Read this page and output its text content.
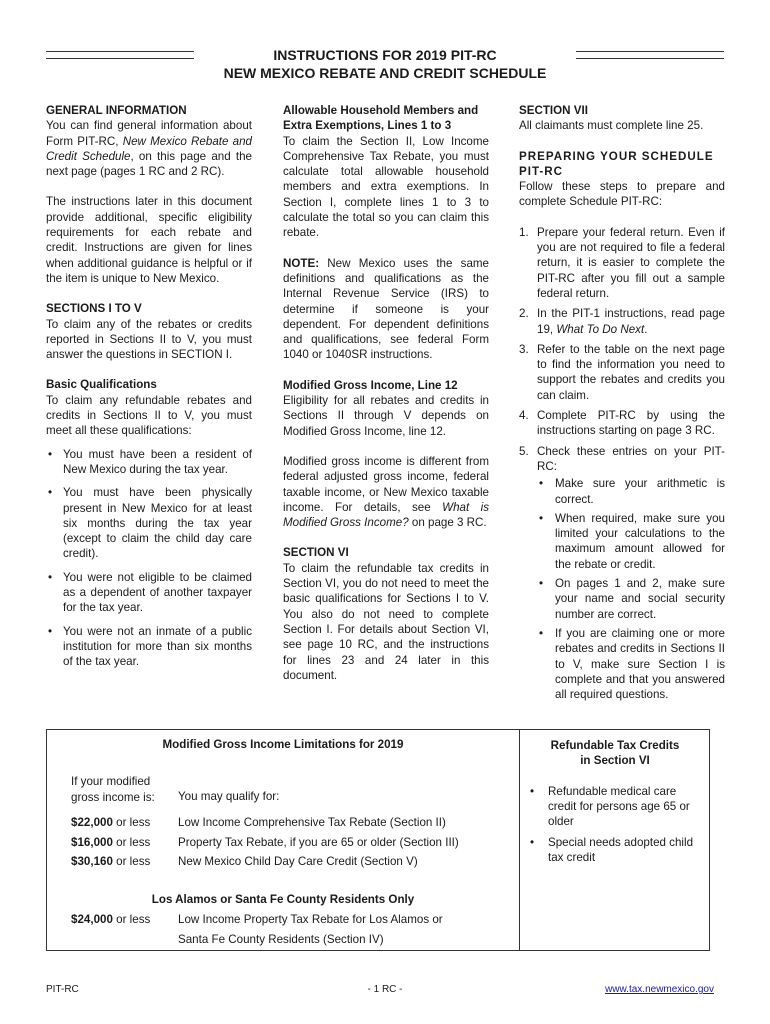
INSTRUCTIONS FOR 2019 PIT-RC
NEW MEXICO REBATE AND CREDIT SCHEDULE
GENERAL INFORMATION

You can find general information about Form PIT-RC, New Mexico Rebate and Credit Schedule, on this page and the next page (pages 1 RC and 2 RC).

The instructions later in this document provide additional, specific eligibility requirements for each rebate and credit. Instructions are given for lines when additional guidance is helpful or if the item is unique to New Mexico.

SECTIONS I TO V

To claim any of the rebates or credits reported in Sections II to V, you must answer the questions in SECTION I.

Basic Qualifications

To claim any refundable rebates and credits in Sections II to V, you must meet all these qualifications:

• You must have been a resident of New Mexico during the tax year.
• You must have been physically present in New Mexico for at least six months during the tax year (except to claim the child day care credit).
• You were not eligible to be claimed as a dependent of another taxpayer for the tax year.
• You were not an inmate of a public institution for more than six months of the tax year.
Allowable Household Members and Extra Exemptions, Lines 1 to 3

To claim the Section II, Low Income Comprehensive Tax Rebate, you must calculate total allowable household members and extra exemptions. In Section I, complete lines 1 to 3 to calculate the total so you can claim this rebate.

NOTE: New Mexico uses the same definitions and qualifications as the Internal Revenue Service (IRS) to determine if someone is your dependent. For dependent definitions and qualifications, see federal Form 1040 or 1040SR instructions.

Modified Gross Income, Line 12

Eligibility for all rebates and credits in Sections II through V depends on Modified Gross Income, line 12.

Modified gross income is different from federal adjusted gross income, federal taxable income, or New Mexico taxable income. For details, see What is Modified Gross Income? on page 3 RC.

SECTION VI

To claim the refundable tax credits in Section VI, you do not need to meet the basic qualifications for Sections I to V. You also do not need to complete Section I. For details about Section VI, see page 10 RC, and the instructions for lines 23 and 24 later in this document.

SECTION VII

All claimants must complete line 25.

PREPARING YOUR SCHEDULE PIT-RC

Follow these steps to prepare and complete Schedule PIT-RC:

1. Prepare your federal return. Even if you are not required to file a federal return, it is easier to complete the PIT-RC after you fill out a sample federal return.
2. In the PIT-1 instructions, read page 19, What To Do Next.
3. Refer to the table on the next page to find the information you need to support the rebates and credits you can claim.
4. Complete PIT-RC by using the instructions starting on page 3 RC.
5. Check these entries on your PIT-RC:
• Make sure your arithmetic is correct.
• When required, make sure you limited your calculations to the maximum amount allowed for the rebate or credit.
• On pages 1 and 2, make sure your name and social security number are correct.
• If you are claiming one or more rebates and credits in Sections II to V, make sure Section I is complete and that you answered all required questions.
Modified Gross Income Limitations for 2019
If your modified
gross income is: You may qualify for:
$22,000 or less Low Income Comprehensive Tax Rebate (Section II)
$16,000 or less Property Tax Rebate, if you are 65 or older (Section III)
$30,160 or less New Mexico Child Day Care Credit (Section V)
Los Alamos or Santa Fe County Residents Only
$24,000 or less Low Income Property Tax Rebate for Los Alamos or
Santa Fe County Residents (Section IV)
Refundable Tax Credits
in Section VI
• Refundable medical care credit for persons age 65 or older
• Special needs adopted child tax credit
PIT-RC	- 1 RC -	www.tax.newmexico.gov
